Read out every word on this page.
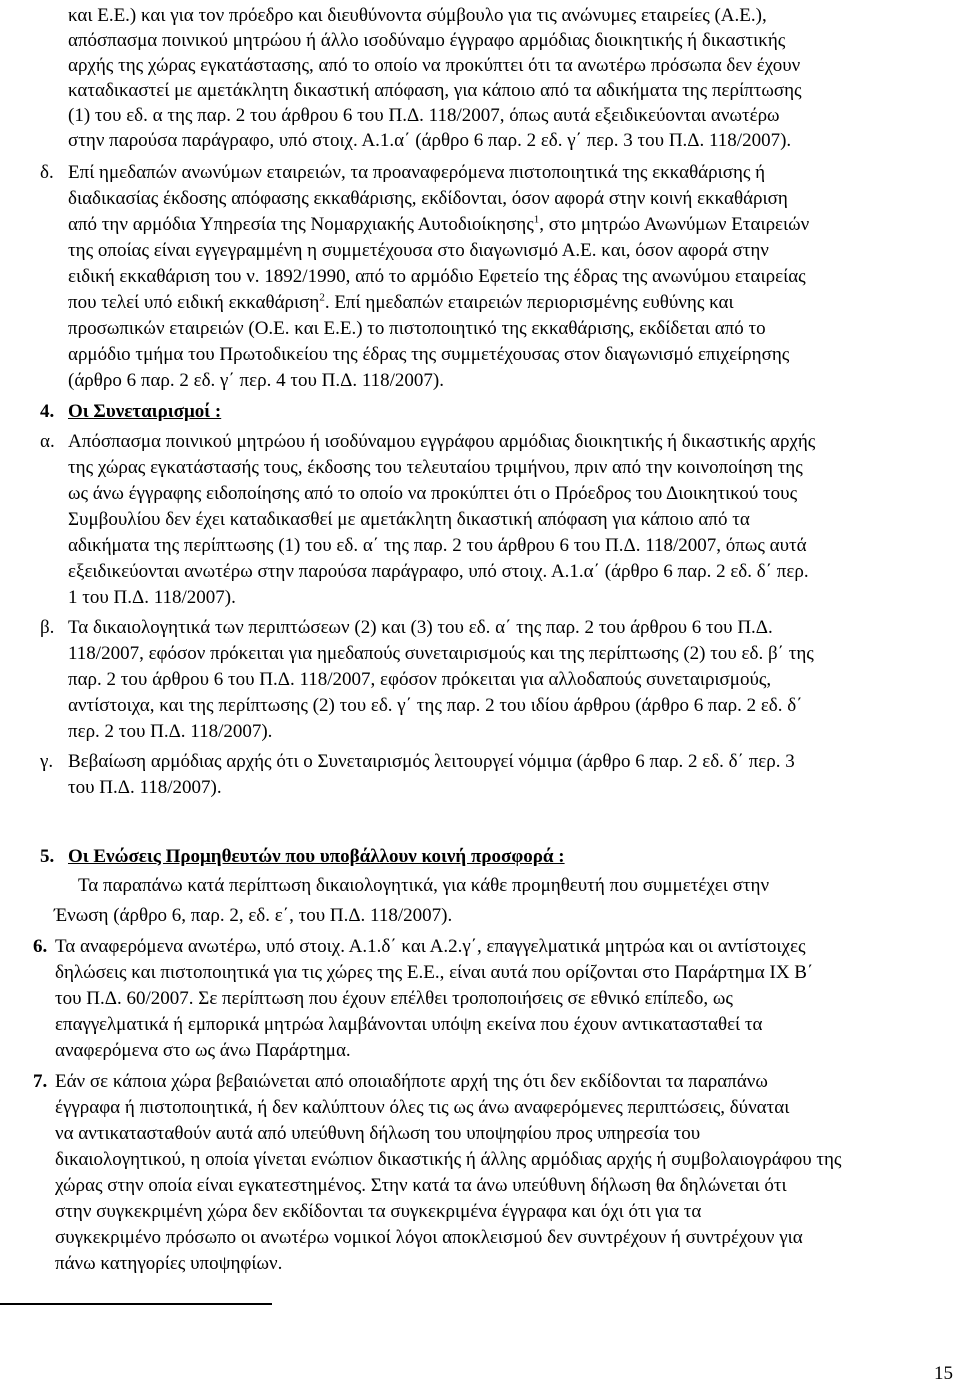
και Ε.Ε.) και για τον πρόεδρο και διευθύνοντα σύμβουλο για τις ανώνυμες εταιρείες (Α.Ε.),
απόσπασμα ποινικού μητρώου ή άλλο ισοδύναμο έγγραφο αρμόδιας διοικητικής ή δικαστικής
αρχής της χώρας εγκατάστασης, από το οποίο να προκύπτει ότι τα ανωτέρω πρόσωπα δεν έχουν
καταδικαστεί με αμετάκλητη δικαστική απόφαση, για κάποιο από τα αδικήματα της περίπτωσης
(1) του εδ. α της παρ. 2 του άρθρου 6 του Π.Δ. 118/2007, όπως αυτά εξειδικεύονται ανωτέρω
στην παρούσα παράγραφο, υπό στοιχ. Α.1.α΄ (άρθρο 6 παρ. 2 εδ. γ΄ περ. 3 του Π.Δ. 118/2007).
δ. Επί ημεδαπών ανωνύμων εταιρειών, τα προαναφερόμενα πιστοποιητικά της εκκαθάρισης ή
διαδικασίας έκδοσης απόφασης εκκαθάρισης, εκδίδονται, όσον αφορά στην κοινή εκκαθάριση
από την αρμόδια Υπηρεσία της Νομαρχιακής Αυτοδιοίκησης$^1$, στο μητρώο Ανωνύμων Εταιρειών
της οποίας είναι εγγεγραμμένη η συμμετέχουσα στο διαγωνισμό Α.Ε. και, όσον αφορά στην
ειδική εκκαθάριση του ν. 1892/1990, από το αρμόδιο Εφετείο της έδρας της ανωνύμου εταιρείας
που τελεί υπό ειδική εκκαθάριση$^2$. Επί ημεδαπών εταιρειών περιορισμένης ευθύνης και
προσωπικών εταιρειών (Ο.Ε. και Ε.Ε.) το πιστοποιητικό της εκκαθάρισης, εκδίδεται από το
αρμόδιο τμήμα του Πρωτοδικείου της έδρας της συμμετέχουσας στον διαγωνισμό επιχείρησης
(άρθρο 6 παρ. 2 εδ. γ΄ περ. 4 του Π.Δ. 118/2007).
4. Οι Συνεταιρισμοί :
α. Απόσπασμα ποινικού μητρώου ή ισοδύναμου εγγράφου αρμόδιας διοικητικής ή δικαστικής αρχής
της χώρας εγκατάστασής τους, έκδοσης του τελευταίου τριμήνου, πριν από την κοινοποίηση της
ως άνω έγγραφης ειδοποίησης από το οποίο να προκύπτει ότι ο Πρόεδρος του Διοικητικού τους
Συμβουλίου δεν έχει καταδικασθεί με αμετάκλητη δικαστική απόφαση για κάποιο από τα
αδικήματα της περίπτωσης (1) του εδ. α΄ της παρ. 2 του άρθρου 6 του Π.Δ. 118/2007, όπως αυτά
εξειδικεύονται ανωτέρω στην παρούσα παράγραφο, υπό στοιχ. Α.1.α΄ (άρθρο 6 παρ. 2 εδ. δ΄ περ.
1 του Π.Δ. 118/2007).
β. Τα δικαιολογητικά των περιπτώσεων (2) και (3) του εδ. α΄ της παρ. 2 του άρθρου 6 του Π.Δ.
118/2007, εφόσον πρόκειται για ημεδαπούς συνεταιρισμούς και της περίπτωσης (2) του εδ. β΄ της
παρ. 2 του άρθρου 6 του Π.Δ. 118/2007, εφόσον πρόκειται για αλλοδαπούς συνεταιρισμούς,
αντίστοιχα, και της περίπτωσης (2) του εδ. γ΄ της παρ. 2 του ιδίου άρθρου (άρθρο 6 παρ. 2 εδ. δ΄
περ. 2 του Π.Δ. 118/2007).
γ. Βεβαίωση αρμόδιας αρχής ότι ο Συνεταιρισμός λειτουργεί νόμιμα (άρθρο 6 παρ. 2 εδ. δ΄ περ. 3
του Π.Δ. 118/2007).
5. Οι Ενώσεις Προμηθευτών που υποβάλλουν κοινή προσφορά :
Τα παραπάνω κατά περίπτωση δικαιολογητικά, για κάθε προμηθευτή που συμμετέχει στην
Ένωση (άρθρο 6, παρ. 2, εδ. ε΄, του Π.Δ. 118/2007).
6. Τα αναφερόμενα ανωτέρω, υπό στοιχ. Α.1.δ΄ και Α.2.γ΄, επαγγελματικά μητρώα και οι αντίστοιχες
δηλώσεις και πιστοποιητικά για τις χώρες της Ε.Ε., είναι αυτά που ορίζονται στο Παράρτημα IX Β΄
του Π.Δ. 60/2007. Σε περίπτωση που έχουν επέλθει τροποποιήσεις σε εθνικό επίπεδο, ως
επαγγελματικά ή εμπορικά μητρώα λαμβάνονται υπόψη εκείνα που έχουν αντικατασταθεί τα
αναφερόμενα στο ως άνω Παράρτημα.
7. Εάν σε κάποια χώρα βεβαιώνεται από οποιαδήποτε αρχή της ότι δεν εκδίδονται τα παραπάνω
έγγραφα ή πιστοποιητικά, ή δεν καλύπτουν όλες τις ως άνω αναφερόμενες περιπτώσεις, δύναται
να αντικατασταθούν αυτά από υπεύθυνη δήλωση του υποψηφίου προς υπηρεσία του
δικαιολογητικού, η οποία γίνεται ενώπιον δικαστικής ή άλλης αρμόδιας αρχής ή συμβολαιογράφου της
χώρας στην οποία είναι εγκατεστημένος. Στην κατά τα άνω υπεύθυνη δήλωση θα δηλώνεται ότι
στην συγκεκριμένη χώρα δεν εκδίδονται τα συγκεκριμένα έγγραφα και όχι ότι για τα
συγκεκριμένο πρόσωπο οι ανωτέρω νομικοί λόγοι αποκλεισμού δεν συντρέχουν ή συντρέχουν για
πάνω κατηγορίες υποψηφίων.
15
